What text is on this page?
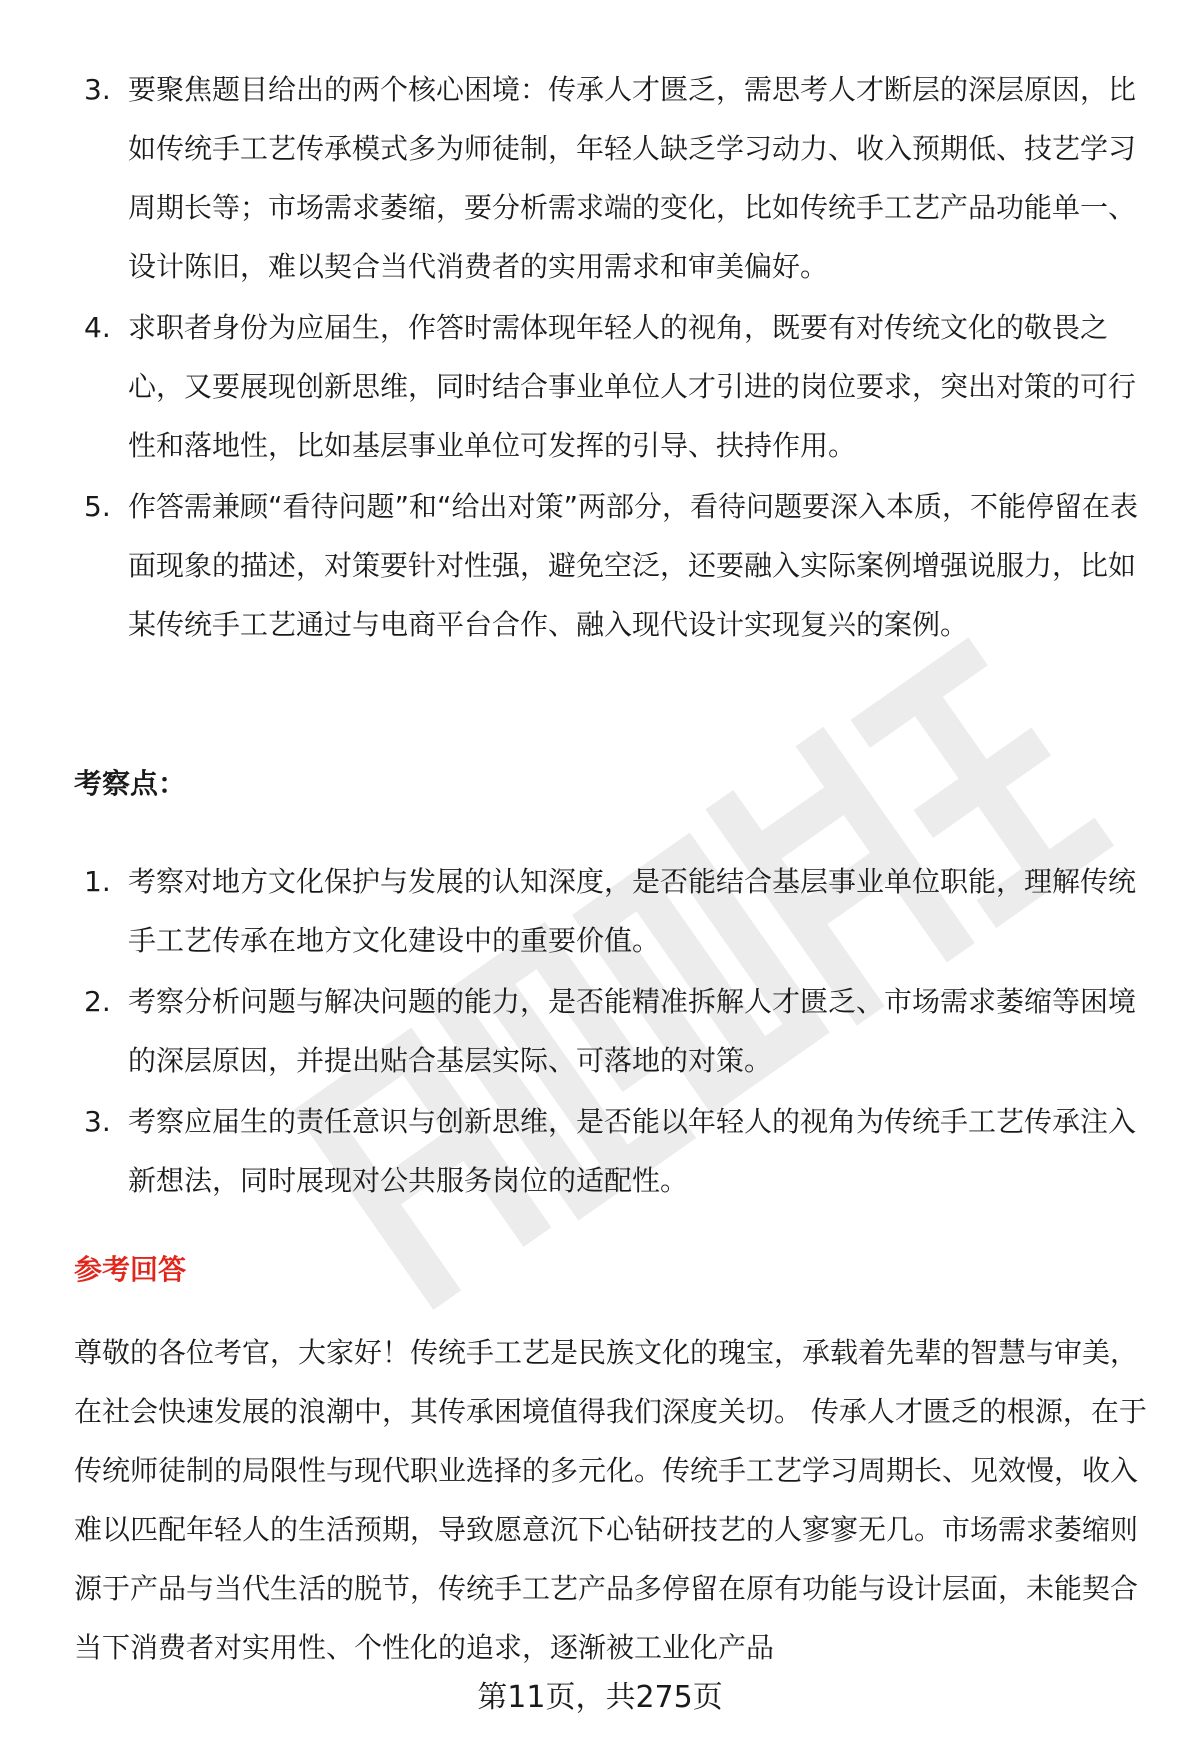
3. 要聚焦题目给出的两个核心困境：传承人才匮乏，需思考人才断层的深层原因，比如传统手工艺传承模式多为师徒制，年轻人缺乏学习动力、收入预期低、技艺学习周期长等；市场需求萎缩，要分析需求端的变化，比如传统手工艺产品功能单一、设计陈旧，难以契合当代消费者的实用需求和审美偏好。
4. 求职者身份为应届生，作答时需体现年轻人的视角，既要有对传统文化的敬畏之心，又要展现创新思维，同时结合事业单位人才引进的岗位要求，突出对策的可行性和落地性，比如基层事业单位可发挥的引导、扶持作用。
5. 作答需兼顾“看待问题”和“给出对策”两部分，看待问题要深入本质，不能停留在表面现象的描述，对策要针对性强，避免空泛，还要融入实际案例增强说服力，比如某传统手工艺通过与电商平台合作、融入现代设计实现复兴的案例。
考察点：
1. 考察对地方文化保护与发展的认知深度，是否能结合基层事业单位职能，理解传统手工艺传承在地方文化建设中的重要价值。
2. 考察分析问题与解决问题的能力，是否能精准拆解人才匮乏、市场需求萎缩等困境的深层原因，并提出贴合基层实际、可落地的对策。
3. 考察应届生的责任意识与创新思维，是否能以年轻人的视角为传统手工艺传承注入新想法，同时展现对公共服务岗位的适配性。
参考回答

尊敬的各位考官，大家好！传统手工艺是民族文化的瑰宝，承载着先辈的智慧与审美，在社会快速发展的浪潮中，其传承困境值得我们深度关切。 传承人才匮乏的根源，在于传统师徒制的局限性与现代职业选择的多元化。传统手工艺学习周期长、见效慢，收入难以匹配年轻人的生活预期，导致愿意沉下心钻研技艺的人寥寥无几。市场需求萎缩则源于产品与当代生活的脱节，传统手工艺产品多停留在原有功能与设计层面，未能契合当下消费者对实用性、个性化的追求，逐渐被工业化产品

第11页，共275页
